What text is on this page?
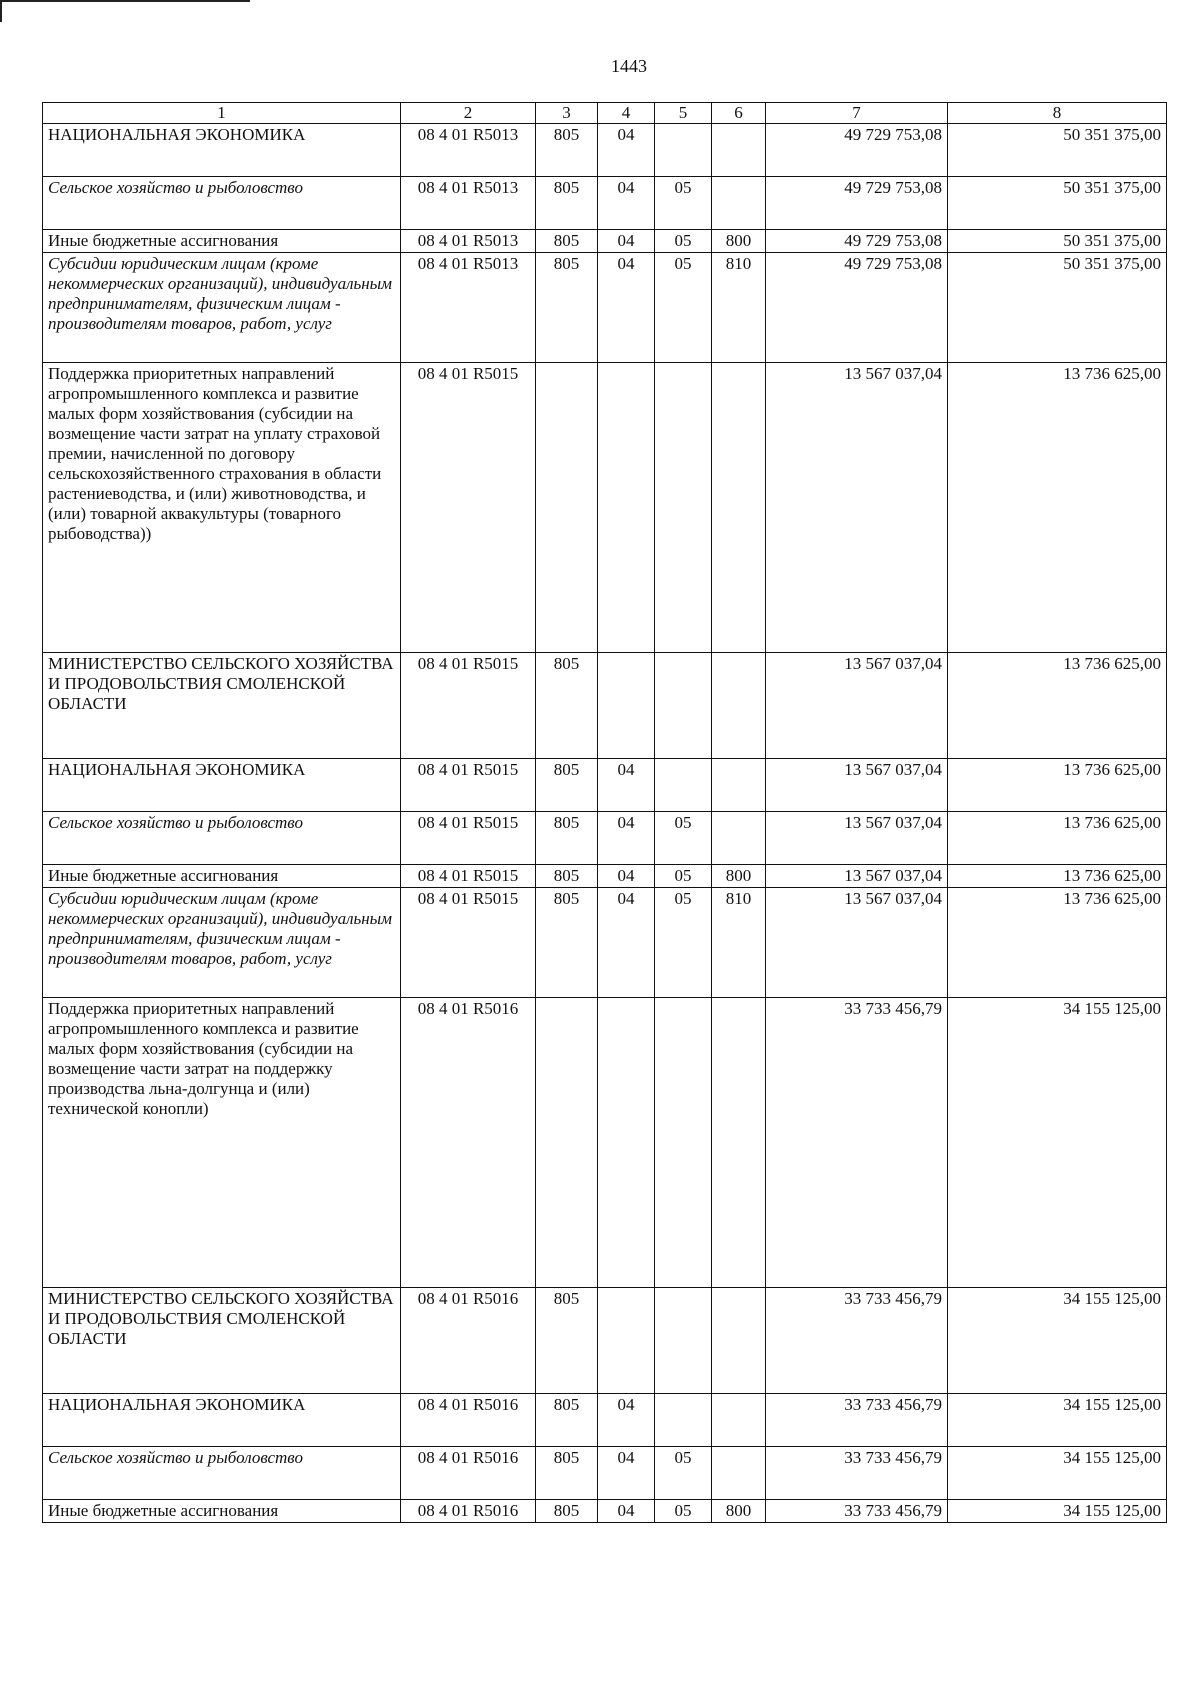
1443
1	2	3	4	5	6	7	8
НАЦИОНАЛЬНАЯ ЭКОНОМИКА	08 4 01 R5013	805	04			49 729 753,08	50 351 375,00
Сельское хозяйство и рыболовство	08 4 01 R5013	805	04	05		49 729 753,08	50 351 375,00
Иные бюджетные ассигнования	08 4 01 R5013	805	04	05	800	49 729 753,08	50 351 375,00
Субсидии юридическим лицам (кроме некоммерческих организаций), индивидуальным предпринимателям, физическим лицам - производителям товаров, работ, услуг	08 4 01 R5013	805	04	05	810	49 729 753,08	50 351 375,00
Поддержка приоритетных направлений агропромышленного комплекса и развитие малых форм хозяйствования (субсидии на возмещение части затрат на уплату страховой премии, начисленной по договору сельскохозяйственного страхования в области растениеводства, и (или) животноводства, и (или) товарной аквакультуры (товарного рыбоводства))	08 4 01 R5015					13 567 037,04	13 736 625,00
МИНИСТЕРСТВО СЕЛЬСКОГО ХОЗЯЙСТВА И ПРОДОВОЛЬСТВИЯ СМОЛЕНСКОЙ ОБЛАСТИ	08 4 01 R5015	805				13 567 037,04	13 736 625,00
НАЦИОНАЛЬНАЯ ЭКОНОМИКА	08 4 01 R5015	805	04			13 567 037,04	13 736 625,00
Сельское хозяйство и рыболовство	08 4 01 R5015	805	04	05		13 567 037,04	13 736 625,00
Иные бюджетные ассигнования	08 4 01 R5015	805	04	05	800	13 567 037,04	13 736 625,00
Субсидии юридическим лицам (кроме некоммерческих организаций), индивидуальным предпринимателям, физическим лицам - производителям товаров, работ, услуг	08 4 01 R5015	805	04	05	810	13 567 037,04	13 736 625,00
Поддержка приоритетных направлений агропромышленного комплекса и развитие малых форм хозяйствования (субсидии на возмещение части затрат на поддержку производства льна-долгунца и (или) технической конопли)	08 4 01 R5016					33 733 456,79	34 155 125,00
МИНИСТЕРСТВО СЕЛЬСКОГО ХОЗЯЙСТВА И ПРОДОВОЛЬСТВИЯ СМОЛЕНСКОЙ ОБЛАСТИ	08 4 01 R5016	805				33 733 456,79	34 155 125,00
НАЦИОНАЛЬНАЯ ЭКОНОМИКА	08 4 01 R5016	805	04			33 733 456,79	34 155 125,00
Сельское хозяйство и рыболовство	08 4 01 R5016	805	04	05		33 733 456,79	34 155 125,00
Иные бюджетные ассигнования	08 4 01 R5016	805	04	05	800	33 733 456,79	34 155 125,00
